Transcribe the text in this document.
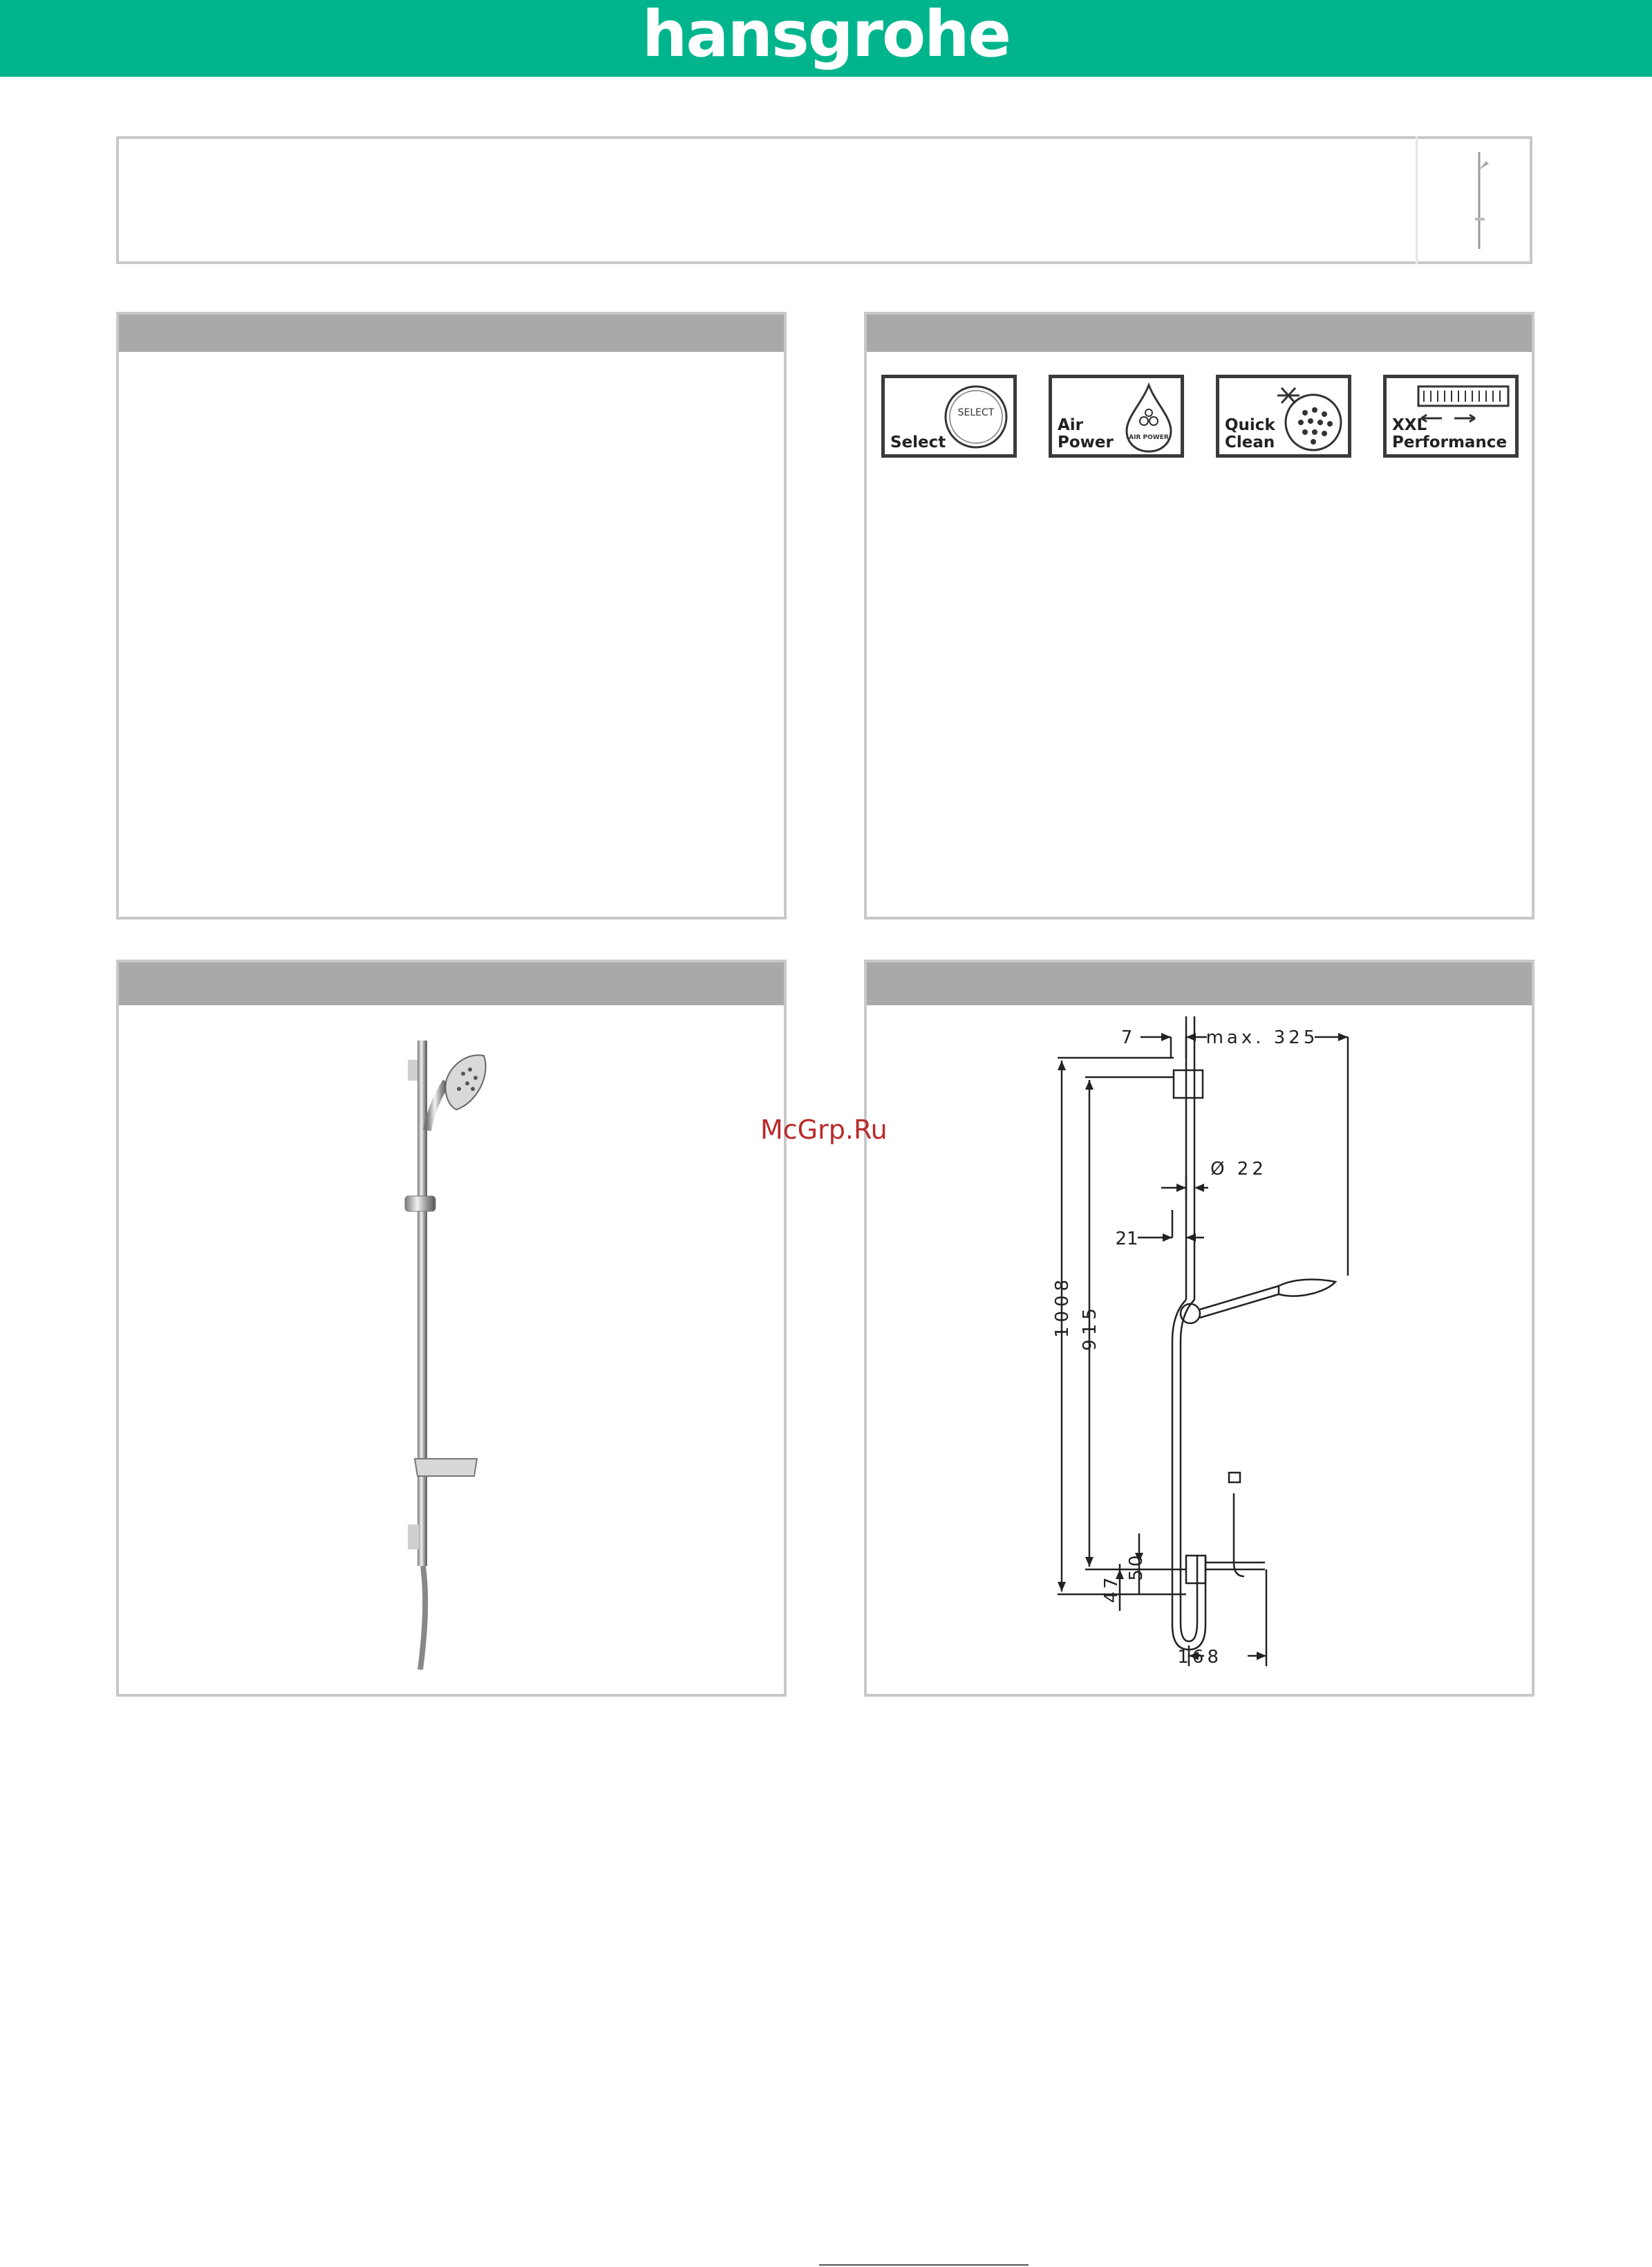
hansgrohe
SELECT
Select	AIR POWER
Air
Power
Quick
Clean
XXL
Performance
7	max. 325
Ø 22
21
168
1008 915
50
47
McGrp.Ru
